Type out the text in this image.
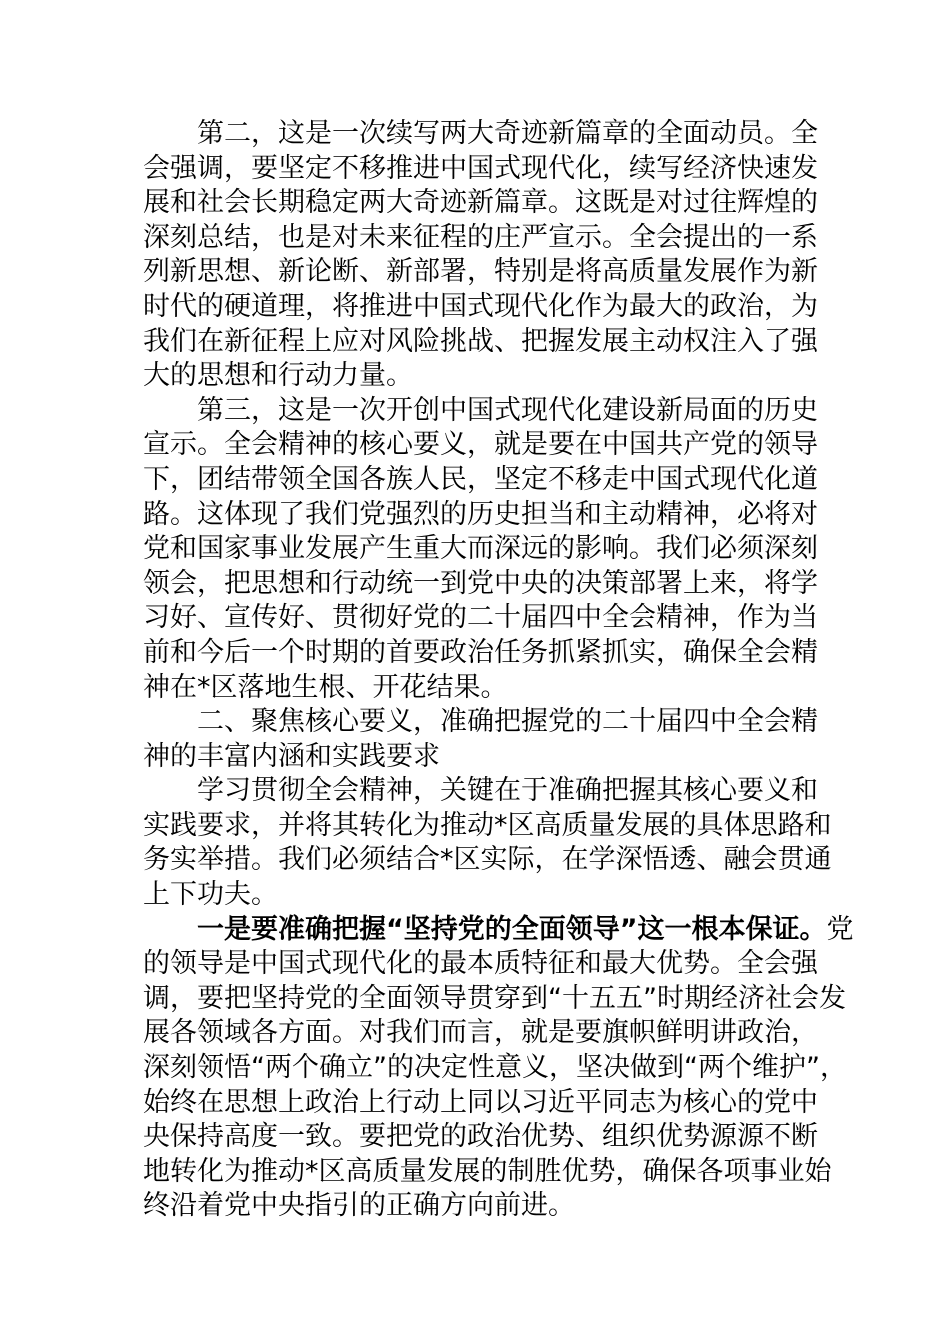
第二，这是一次续写两大奇迹新篇章的全面动员。全
会强调，要坚定不移推进中国式现代化，续写经济快速发
展和社会长期稳定两大奇迹新篇章。这既是对过往辉煌的
深刻总结，也是对未来征程的庄严宣示。全会提出的一系
列新思想、新论断、新部署，特别是将高质量发展作为新
时代的硬道理，将推进中国式现代化作为最大的政治，为
我们在新征程上应对风险挑战、把握发展主动权注入了强
大的思想和行动力量。
第三，这是一次开创中国式现代化建设新局面的历史
宣示。全会精神的核心要义，就是要在中国共产党的领导
下，团结带领全国各族人民，坚定不移走中国式现代化道
路。这体现了我们党强烈的历史担当和主动精神，必将对
党和国家事业发展产生重大而深远的影响。我们必须深刻
领会，把思想和行动统一到党中央的决策部署上来，将学
习好、宣传好、贯彻好党的二十届四中全会精神，作为当
前和今后一个时期的首要政治任务抓紧抓实，确保全会精
神在*区落地生根、开花结果。
二、聚焦核心要义，准确把握党的二十届四中全会精
神的丰富内涵和实践要求
学习贯彻全会精神，关键在于准确把握其核心要义和
实践要求，并将其转化为推动*区高质量发展的具体思路和
务实举措。我们必须结合*区实际，在学深悟透、融会贯通
上下功夫。
一是要准确把握“坚持党的全面领导”这一根本保证。党
的领导是中国式现代化的最本质特征和最大优势。全会强
调，要把坚持党的全面领导贯穿到“十五五”时期经济社会发
展各领域各方面。对我们而言，就是要旗帜鲜明讲政治，
深刻领悟“两个确立”的决定性意义，坚决做到“两个维护”，
始终在思想上政治上行动上同以习近平同志为核心的党中
央保持高度一致。要把党的政治优势、组织优势源源不断
地转化为推动*区高质量发展的制胜优势，确保各项事业始
终沿着党中央指引的正确方向前进。
